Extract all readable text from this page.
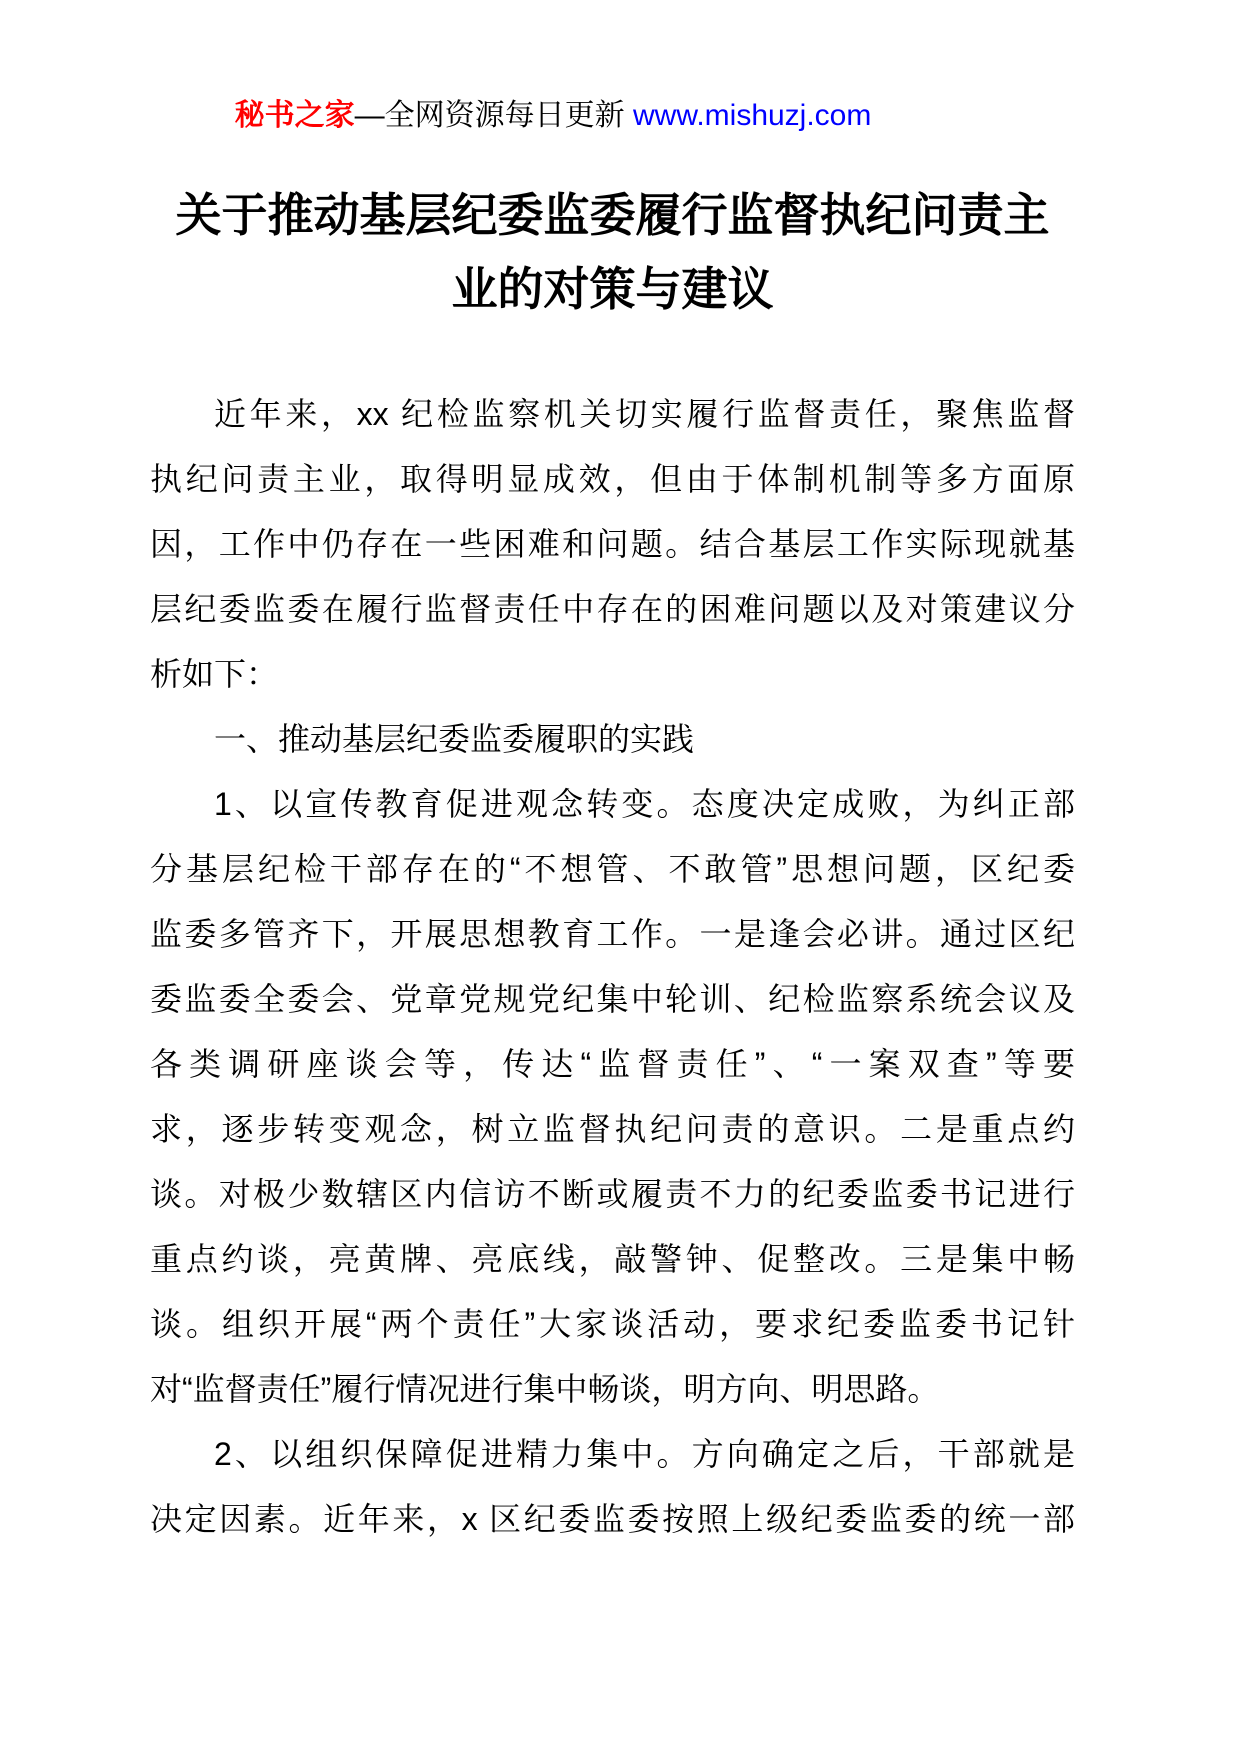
秘书之家—全网资源每日更新 www.mishuzj.com
关于推动基层纪委监委履行监督执纪问责主
业的对策与建议
近年来，xx 纪检监察机关切实履行监督责任，聚焦监督
执纪问责主业，取得明显成效，但由于体制机制等多方面原
因，工作中仍存在一些困难和问题。结合基层工作实际现就基
层纪委监委在履行监督责任中存在的困难问题以及对策建议分
析如下：
一、推动基层纪委监委履职的实践
1、以宣传教育促进观念转变。态度决定成败，为纠正部
分基层纪检干部存在的“不想管、不敢管”思想问题，区纪委
监委多管齐下，开展思想教育工作。一是逢会必讲。通过区纪
委监委全委会、党章党规党纪集中轮训、纪检监察系统会议及
各类调研座谈会等，传达“监督责任”、“一案双查”等要
求，逐步转变观念，树立监督执纪问责的意识。二是重点约
谈。对极少数辖区内信访不断或履责不力的纪委监委书记进行
重点约谈，亮黄牌、亮底线，敲警钟、促整改。三是集中畅
谈。组织开展“两个责任”大家谈活动，要求纪委监委书记针
对“监督责任”履行情况进行集中畅谈，明方向、明思路。
2、以组织保障促进精力集中。方向确定之后，干部就是
决定因素。近年来，x 区纪委监委按照上级纪委监委的统一部
